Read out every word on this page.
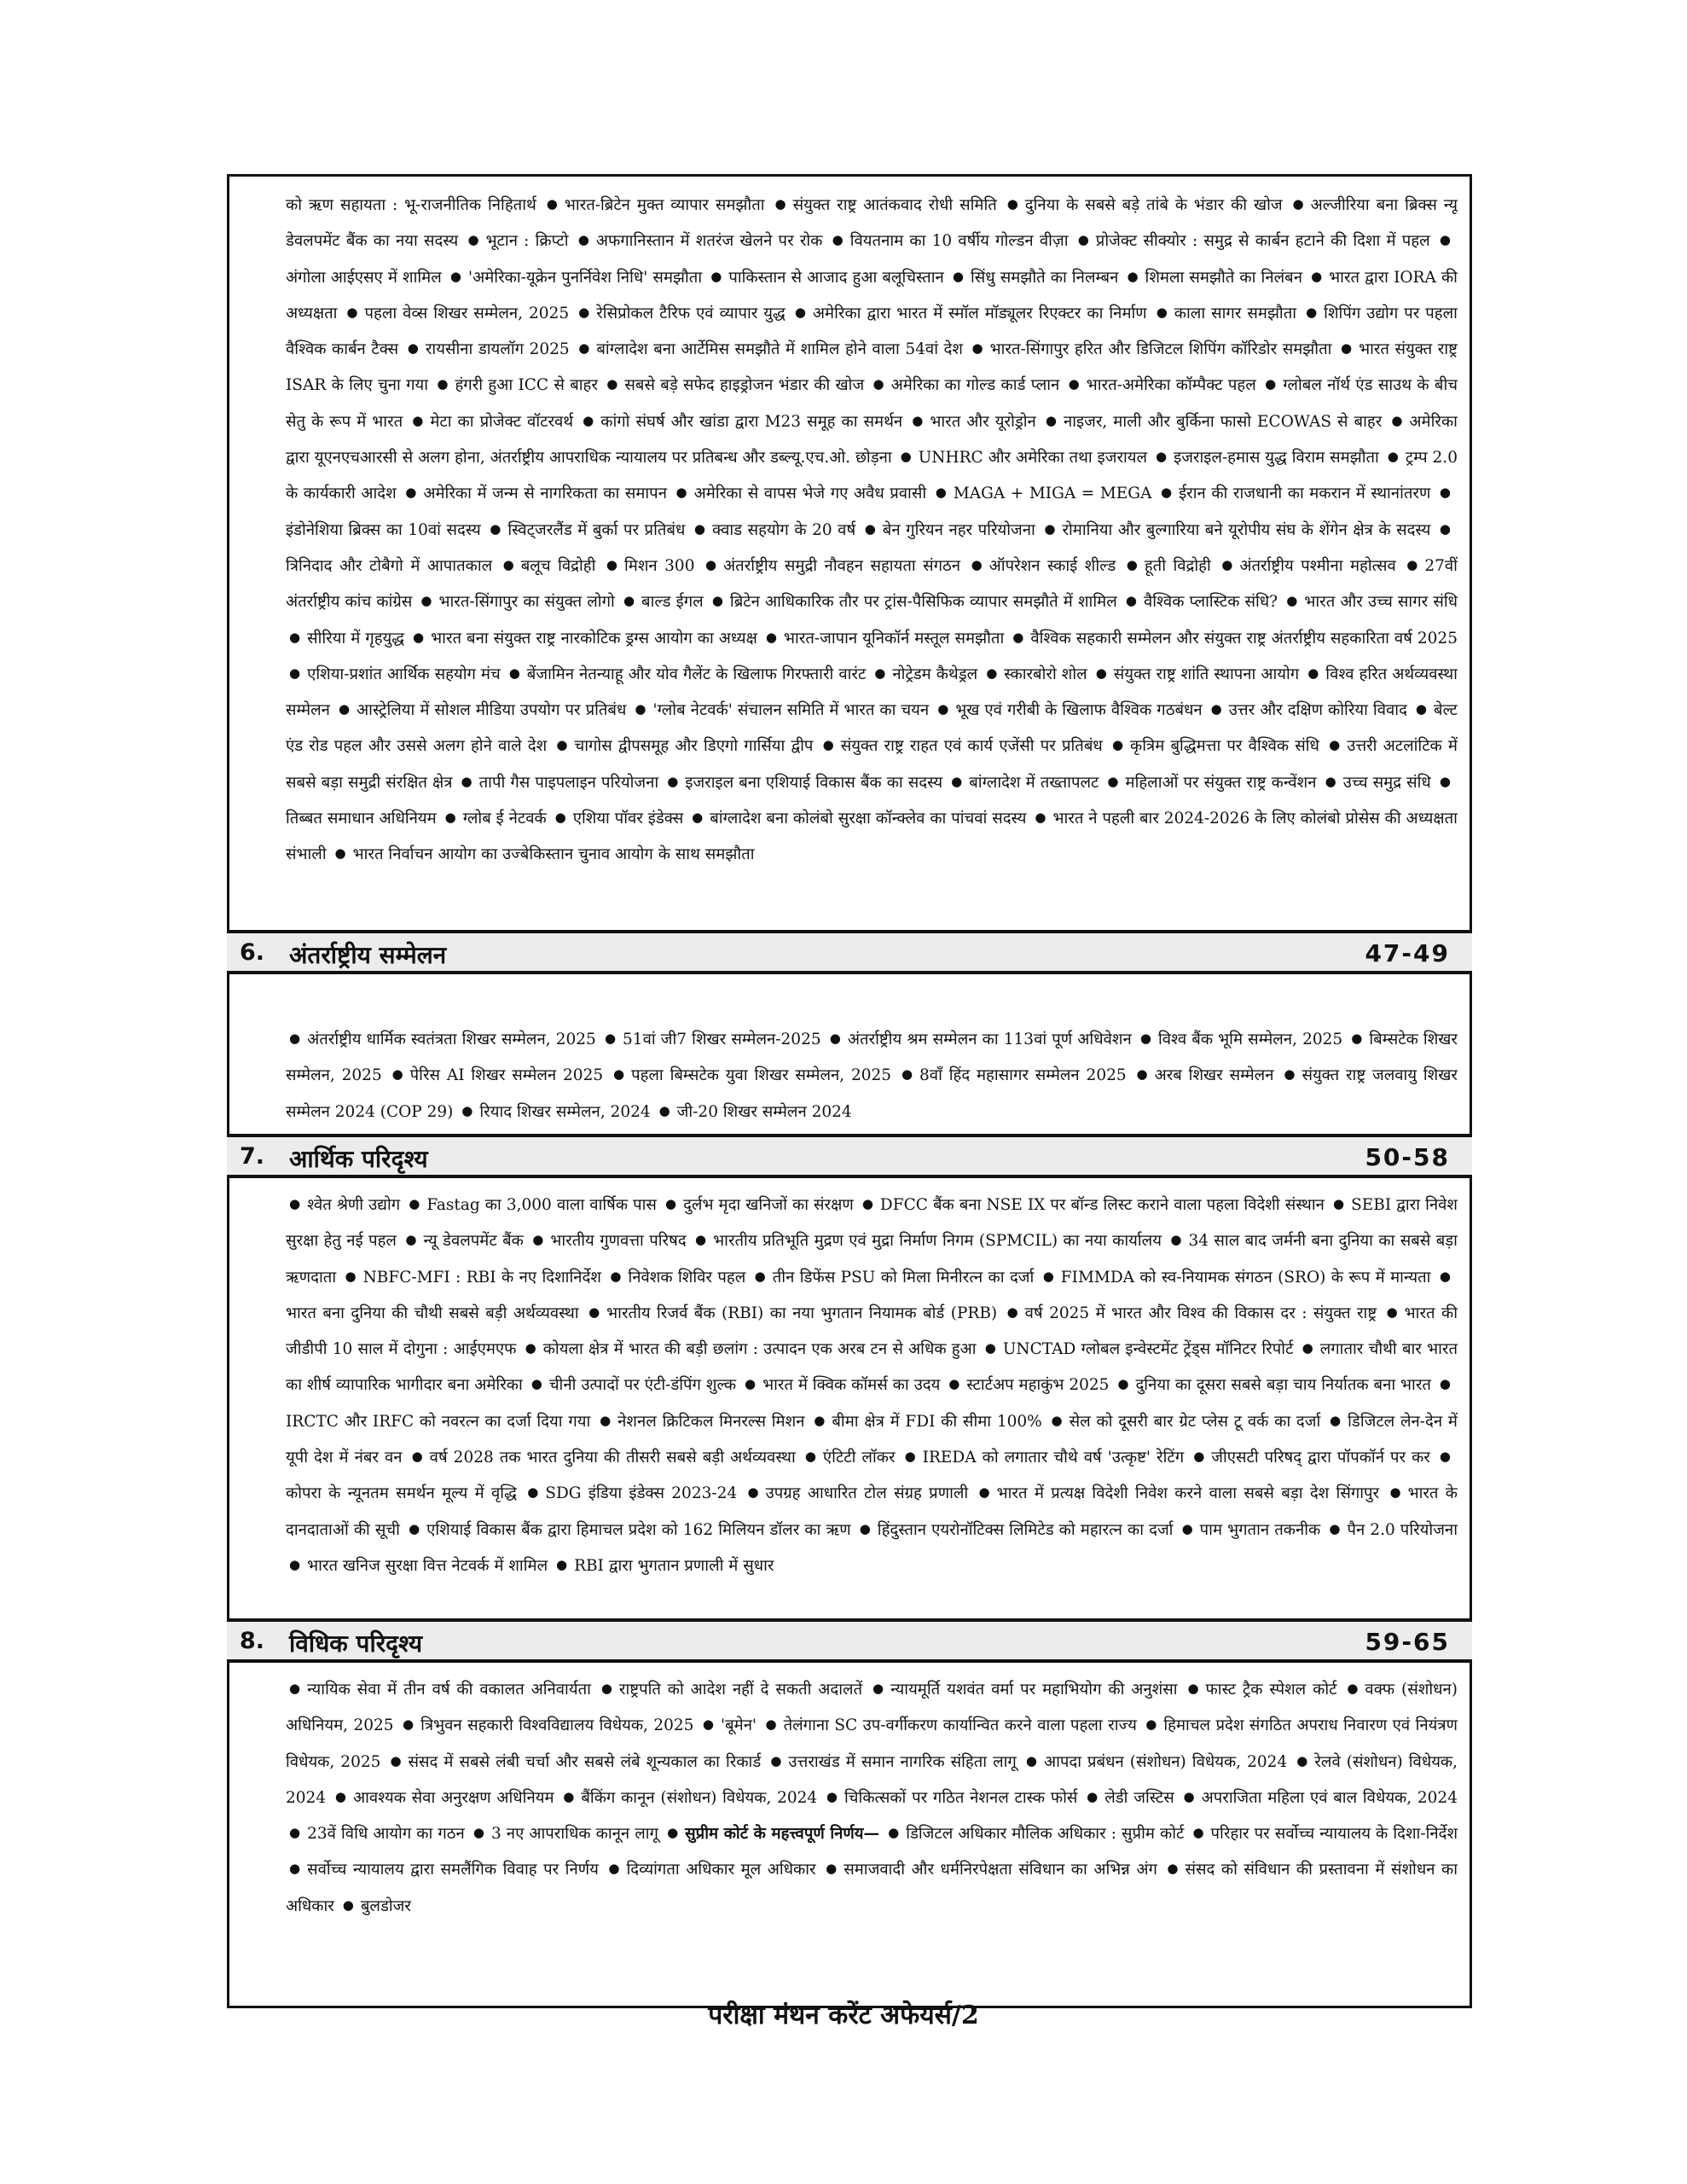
को ऋण सहायता : भू-राजनीतिक निहितार्थ ● भारत-ब्रिटेन मुक्त व्यापार समझौता ● संयुक्त राष्ट्र आतंकवाद रोधी समिति ● दुनिया के सबसे बड़े तांबे के भंडार की खोज ● अल्जीरिया बना ब्रिक्स न्यू डेवलपमेंट बैंक का नया सदस्य ● भूटान : क्रिप्टो ● अफगानिस्तान में शतरंज खेलने पर रोक ● वियतनाम का 10 वर्षीय गोल्डन वीज़ा ● प्रोजेक्ट सीक्योर : समुद्र से कार्बन हटाने की दिशा में पहल ●अंगोला आईएसए में शामिल ● 'अमेरिका-यूक्रेन पुनर्निवेश निधि' समझौता ● पाकिस्तान से आजाद हुआ बलूचिस्तान ● सिंधु समझौते का निलम्बन ● शिमला समझौते का निलंबन ● भारत द्वारा IORA की अध्यक्षता ● पहला वेव्स शिखर सम्मेलन, 2025 ● रेसिप्रोकल टैरिफ एवं व्यापार युद्ध ● अमेरिका द्वारा भारत में स्मॉल मॉड्यूलर रिएक्टर का निर्माण ● काला सागर समझौता ● शिपिंग उद्योग पर पहला वैश्विक कार्बन टैक्स ● रायसीना डायलॉग 2025 ● बांग्लादेश बना आर्टेमिस समझौते में शामिल होने वाला 54वां देश ● भारत-सिंगापुर हरित और डिजिटल शिपिंग कॉरिडोर समझौता ● भारत संयुक्त राष्ट्र ISAR के लिए चुना गया ● हंगरी हुआ ICC से बाहर ● सबसे बड़े सफेद हाइड्रोजन भंडार की खोज ● अमेरिका का गोल्ड कार्ड प्लान ● भारत-अमेरिका कॉम्पैक्ट पहल ● ग्लोबल नॉर्थ एंड साउथ के बीच सेतु के रूप में भारत ● मेटा का प्रोजेक्ट वॉटरवर्थ ● कांगो संघर्ष और खांडा द्वारा M23 समूह का समर्थन ● भारत और यूरोड्रोन ● नाइजर, माली और बुर्किना फासो ECOWAS से बाहर ● अमेरिका द्वारा यूएनएचआरसी से अलग होना, अंतर्राष्ट्रीय आपराधिक न्यायालय पर प्रतिबन्ध और डब्ल्यू.एच.ओ. छोड़ना ● UNHRC और अमेरिका तथा इजरायल ● इजराइल-हमास युद्ध विराम समझौता ● ट्रम्प 2.0 के कार्यकारी आदेश ● अमेरिका में जन्म से नागरिकता का समापन ● अमेरिका से वापस भेजे गए अवैध प्रवासी ● MAGA + MIGA = MEGA ● ईरान की राजधानी का मकरान में स्थानांतरण ●इंडोनेशिया ब्रिक्स का 10वां सदस्य ● स्विट्जरलैंड में बुर्का पर प्रतिबंध ● क्वाड सहयोग के 20 वर्ष ● बेन गुरियन नहर परियोजना ● रोमानिया और बुल्गारिया बने यूरोपीय संघ के शेंगेन क्षेत्र के सदस्य ●त्रिनिदाद और टोबैगो में आपातकाल ● बलूच विद्रोही ● मिशन 300 ● अंतर्राष्ट्रीय समुद्री नौवहन सहायता संगठन ● ऑपरेशन स्काई शील्ड ● हूती विद्रोही ● अंतर्राष्ट्रीय पश्मीना महोत्सव ● 27वीं अंतर्राष्ट्रीय कांच कांग्रेस ● भारत-सिंगापुर का संयुक्त लोगो ● बाल्ड ईगल ● ब्रिटेन आधिकारिक तौर पर ट्रांस-पैसिफिक व्यापार समझौते में शामिल ● वैश्विक प्लास्टिक संधि? ● भारत और उच्च सागर संधि ● सीरिया में गृहयुद्ध ● भारत बना संयुक्त राष्ट्र नारकोटिक ड्रग्स आयोग का अध्यक्ष ● भारत-जापान यूनिकॉर्न मस्तूल समझौता ● वैश्विक सहकारी सम्मेलन और संयुक्त राष्ट्र अंतर्राष्ट्रीय सहकारिता वर्ष 2025 ● एशिया-प्रशांत आर्थिक सहयोग मंच ● बेंजामिन नेतन्याहू और योव गैलेंट के खिलाफ गिरफ्तारी वारंट ● नोट्रेडम कैथेड्रल ● स्कारबोरो शोल ● संयुक्त राष्ट्र शांति स्थापना आयोग ● विश्व हरित अर्थव्यवस्था सम्मेलन ● आस्ट्रेलिया में सोशल मीडिया उपयोग पर प्रतिबंध ● 'ग्लोब नेटवर्क' संचालन समिति में भारत का चयन ● भूख एवं गरीबी के खिलाफ वैश्विक गठबंधन ● उत्तर और दक्षिण कोरिया विवाद ● बेल्ट एंड रोड पहल और उससे अलग होने वाले देश ● चागोस द्वीपसमूह और डिएगो गार्सिया द्वीप ● संयुक्त राष्ट्र राहत एवं कार्य एजेंसी पर प्रतिबंध ● कृत्रिम बुद्धिमत्ता पर वैश्विक संधि ● उत्तरी अटलांटिक में सबसे बड़ा समुद्री संरक्षित क्षेत्र ● तापी गैस पाइपलाइन परियोजना ● इजराइल बना एशियाई विकास बैंक का सदस्य ● बांग्लादेश में तख्तापलट ● महिलाओं पर संयुक्त राष्ट्र कन्वेंशन ● उच्च समुद्र संधि ●तिब्बत समाधान अधिनियम ● ग्लोब ई नेटवर्क ● एशिया पॉवर इंडेक्स ● बांग्लादेश बना कोलंबो सुरक्षा कॉन्क्लेव का पांचवां सदस्य ● भारत ने पहली बार 2024-2026 के लिए कोलंबो प्रोसेस की अध्यक्षता संभाली ● भारत निर्वाचन आयोग का उज्बेकिस्तान चुनाव आयोग के साथ समझौता
6. अंतर्राष्ट्रीय सम्मेलन	47-49
● अंतर्राष्ट्रीय धार्मिक स्वतंत्रता शिखर सम्मेलन, 2025 ● 51वां जी7 शिखर सम्मेलन-2025 ● अंतर्राष्ट्रीय श्रम सम्मेलन का 113वां पूर्ण अधिवेशन ● विश्व बैंक भूमि सम्मेलन, 2025 ● बिम्सटेक शिखर सम्मेलन, 2025 ● पेरिस AI शिखर सम्मेलन 2025 ● पहला बिम्सटेक युवा शिखर सम्मेलन, 2025 ● 8वाँ हिंद महासागर सम्मेलन 2025 ● अरब शिखर सम्मेलन ● संयुक्त राष्ट्र जलवायु शिखर सम्मेलन 2024 (COP 29) ● रियाद शिखर सम्मेलन, 2024 ● जी-20 शिखर सम्मेलन 2024
7. आर्थिक परिदृश्य	50-58
● श्वेत श्रेणी उद्योग ● Fastag का 3,000 वाला वार्षिक पास ● दुर्लभ मृदा खनिजों का संरक्षण ● DFCC बैंक बना NSE IX पर बॉन्ड लिस्ट कराने वाला पहला विदेशी संस्थान ● SEBI द्वारा निवेश सुरक्षा हेतु नई पहल ● न्यू डेवलपमेंट बैंक ● भारतीय गुणवत्ता परिषद ● भारतीय प्रतिभूति मुद्रण एवं मुद्रा निर्माण निगम (SPMCIL) का नया कार्यालय ● 34 साल बाद जर्मनी बना दुनिया का सबसे बड़ा ऋणदाता ● NBFC-MFI : RBI के नए दिशानिर्देश ● निवेशक शिविर पहल ● तीन डिफेंस PSU को मिला मिनीरत्न का दर्जा ● FIMMDA को स्व-नियामक संगठन (SRO) के रूप में मान्यता ●भारत बना दुनिया की चौथी सबसे बड़ी अर्थव्यवस्था ● भारतीय रिजर्व बैंक (RBI) का नया भुगतान नियामक बोर्ड (PRB) ● वर्ष 2025 में भारत और विश्व की विकास दर : संयुक्त राष्ट्र ● भारत की जीडीपी 10 साल में दोगुना : आईएमएफ ● कोयला क्षेत्र में भारत की बड़ी छलांग : उत्पादन एक अरब टन से अधिक हुआ ● UNCTAD ग्लोबल इन्वेस्टमेंट ट्रेंड्स मॉनिटर रिपोर्ट ● लगातार चौथी बार भारत का शीर्ष व्यापारिक भागीदार बना अमेरिका ● चीनी उत्पादों पर एंटी-डंपिंग शुल्क ● भारत में क्विक कॉमर्स का उदय ● स्टार्टअप महाकुंभ 2025 ● दुनिया का दूसरा सबसे बड़ा चाय निर्यातक बना भारत ●IRCTC और IRFC को नवरत्न का दर्जा दिया गया ● नेशनल क्रिटिकल मिनरल्स मिशन ● बीमा क्षेत्र में FDI की सीमा 100% ● सेल को दूसरी बार ग्रेट प्लेस टू वर्क का दर्जा ● डिजिटल लेन-देन में यूपी देश में नंबर वन ● वर्ष 2028 तक भारत दुनिया की तीसरी सबसे बड़ी अर्थव्यवस्था ● एंटिटी लॉकर ● IREDA को लगातार चौथे वर्ष 'उत्कृष्ट' रेटिंग ● जीएसटी परिषद् द्वारा पॉपकॉर्न पर कर ●कोपरा के न्यूनतम समर्थन मूल्य में वृद्धि ● SDG इंडिया इंडेक्स 2023-24 ● उपग्रह आधारित टोल संग्रह प्रणाली ● भारत में प्रत्यक्ष विदेशी निवेश करने वाला सबसे बड़ा देश सिंगापुर ● भारत के दानदाताओं की सूची ● एशियाई विकास बैंक द्वारा हिमाचल प्रदेश को 162 मिलियन डॉलर का ऋण ● हिंदुस्तान एयरोनॉटिक्स लिमिटेड को महारत्न का दर्जा ● पाम भुगतान तकनीक ● पैन 2.0 परियोजना ● भारत खनिज सुरक्षा वित्त नेटवर्क में शामिल ● RBI द्वारा भुगतान प्रणाली में सुधार
8. विधिक परिदृश्य	59-65
● न्यायिक सेवा में तीन वर्ष की वकालत अनिवार्यता ● राष्ट्रपति को आदेश नहीं दे सकती अदालतें ● न्यायमूर्ति यशवंत वर्मा पर महाभियोग की अनुशंसा ● फास्ट ट्रैक स्पेशल कोर्ट ● वक्फ (संशोधन) अधिनियम, 2025 ● त्रिभुवन सहकारी विश्वविद्यालय विधेयक, 2025 ● 'बूमेन' ● तेलंगाना SC उप-वर्गीकरण कार्यान्वित करने वाला पहला राज्य ● हिमाचल प्रदेश संगठित अपराध निवारण एवं नियंत्रण विधेयक, 2025 ● संसद में सबसे लंबी चर्चा और सबसे लंबे शून्यकाल का रिकार्ड ● उत्तराखंड में समान नागरिक संहिता लागू ● आपदा प्रबंधन (संशोधन) विधेयक, 2024 ● रेलवे (संशोधन) विधेयक, 2024 ● आवश्यक सेवा अनुरक्षण अधिनियम ● बैंकिंग कानून (संशोधन) विधेयक, 2024 ● चिकित्सकों पर गठित नेशनल टास्क फोर्स ● लेडी जस्टिस ● अपराजिता महिला एवं बाल विधेयक, 2024 ● 23वें विधि आयोग का गठन ● 3 नए आपराधिक कानून लागू ● सुप्रीम कोर्ट के महत्त्वपूर्ण निर्णय— ● डिजिटल अधिकार मौलिक अधिकार : सुप्रीम कोर्ट ● परिहार पर सर्वोच्च न्यायालय के दिशा-निर्देश ● सर्वोच्च न्यायालय द्वारा समलैंगिक विवाह पर निर्णय ● दिव्यांगता अधिकार मूल अधिकार ● समाजवादी और धर्मनिरपेक्षता संविधान का अभिन्न अंग ● संसद को संविधान की प्रस्तावना में संशोधन का अधिकार ● बुलडोजर
परीक्षा मंथन करेंट अफेयर्स/2
